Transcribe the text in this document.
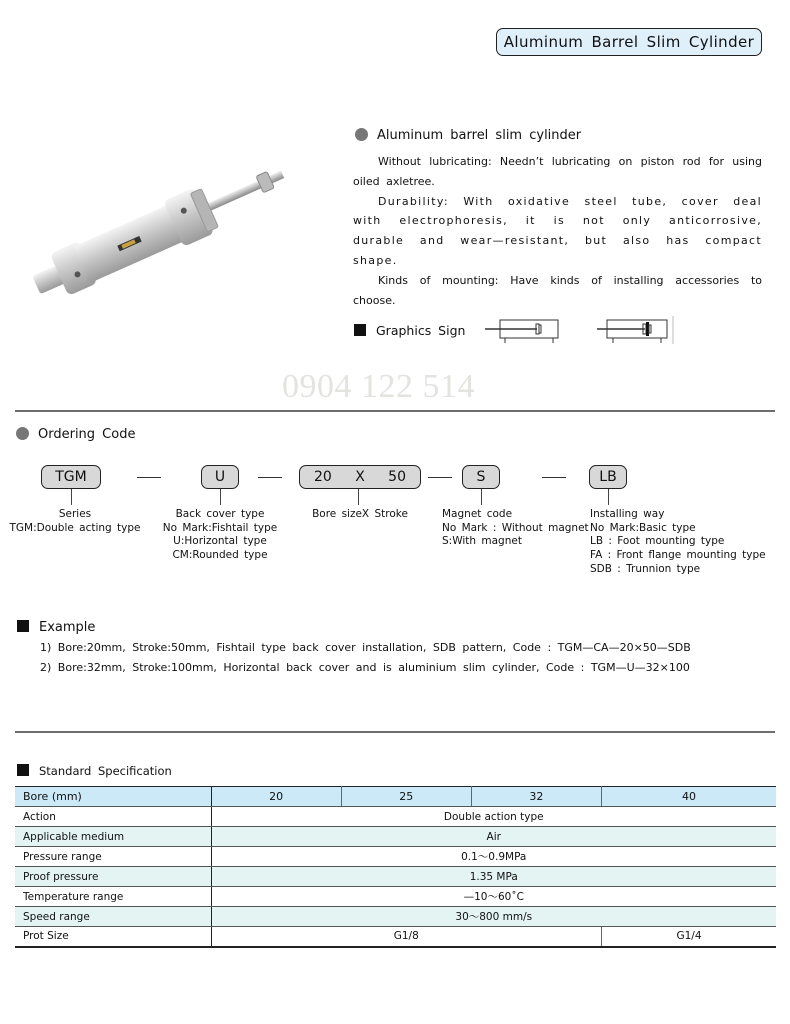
Aluminum Barrel Slim Cylinder
Aluminum barrel slim cylinder

Without lubricating: Needn’t lubricating on piston rod for using oiled axletree.

Durability: With oxidative steel tube, cover deal with electrophoresis, it is not only anticorrosive, durable and wear—resistant, but also has compact shape.

Kinds of mounting: Have kinds of installing accessories to choose.

Graphics Sign
0904 122 514
Ordering Code
TGM
Series
TGM:Double acting type
U
Back cover type
No Mark:Fishtail type
U:Horizontal type
CM:Rounded type
20 X 50
Bore sizeX Stroke
S
Magnet code
No Mark : Without magnet
S:With magnet
LB
Installing way
No Mark:Basic type
LB : Foot mounting type
FA : Front flange mounting type
SDB : Trunnion type
Example
1) Bore:20mm, Stroke:50mm, Fishtail type back cover installation, SDB pattern, Code : TGM—CA—20×50—SDB
2) Bore:32mm, Stroke:100mm, Horizontal back cover and is aluminium slim cylinder, Code : TGM—U—32×100
Standard Specification
Bore (mm)	20	25	32	40
Action	Double action type			
Applicable medium	Air			
Pressure range	0.1～0.9MPa			
Proof pressure	1.35 MPa			
Temperature range	—10～60˚C			
Speed range	30～800 mm/s			
Prot Size	G1/8			G1/4
